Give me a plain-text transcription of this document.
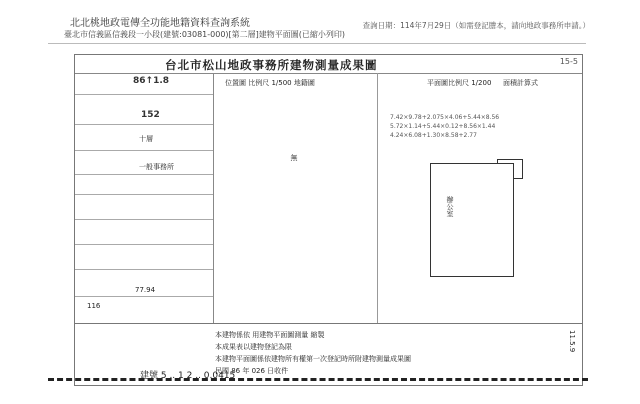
北北桃地政電傳全功能地籍資料查詢系統
臺北市信義區信義段一小段(建號:03081-000)[第二層]建物平面圖(已縮小列印)
查詢日期：114年7月29日（如需登記謄本，請向地政事務所申請。）
台北市松山地政事務所建物測量成果圖	15-5
86↑1.8
152
十層
一般事務所
77.94
116
位置圖 比例尺 1/500 地籍圖	平面圖比例尺 1/200 面積計算式
無
辦公室
7.42×9.78+2.075×4.06+5.44×8.56
5.72×1.14+5.44×0.12+8.56×1.44
4.24×6.08+1.30×8.58+2.77
本建物係依 用建物平面圖測量 縮製
本成果表以建物登記為限
本建物平面圖係依建物所有權第一次登記時所附建物測量成果圖
民國 86 年 026 日收件
11.5.9
建號 5 .. 1 2 .. 0.0415
